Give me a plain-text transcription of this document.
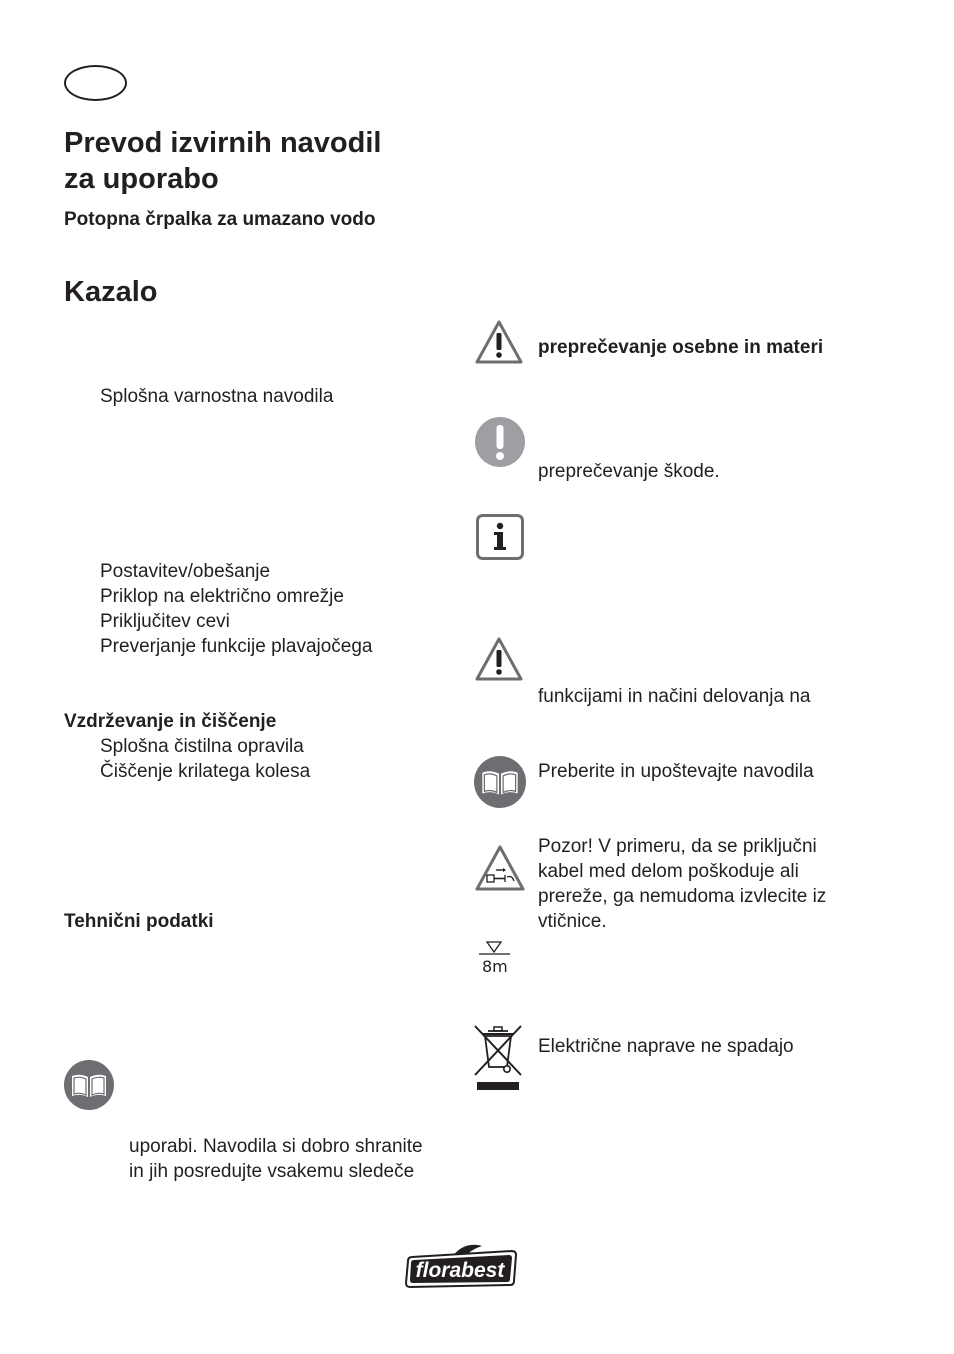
Prevod izvirnih navodil
za uporabo
Potopna črpalka za umazano vodo
Kazalo
Splošna varnostna navodila
Postavitev/obešanje
Priklop na električno omrežje
Priključitev cevi
Preverjanje funkcije plavajočega
Vzdrževanje in čiščenje
Splošna čistilna opravila
Čiščenje krilatega kolesa
Tehnični podatki
uporabi. Navodila si dobro shranite
in jih posredujte vsakemu sledeče
preprečevanje osebne in materi
preprečevanje škode.
funkcijami in načini delovanja na
Preberite in upoštevajte navodila
Pozor! V primeru, da se priključni
kabel med delom poškoduje ali
prereže, ga nemudoma izvlecite iz
vtičnice.
8m
Električne naprave ne spadajo
florabest
